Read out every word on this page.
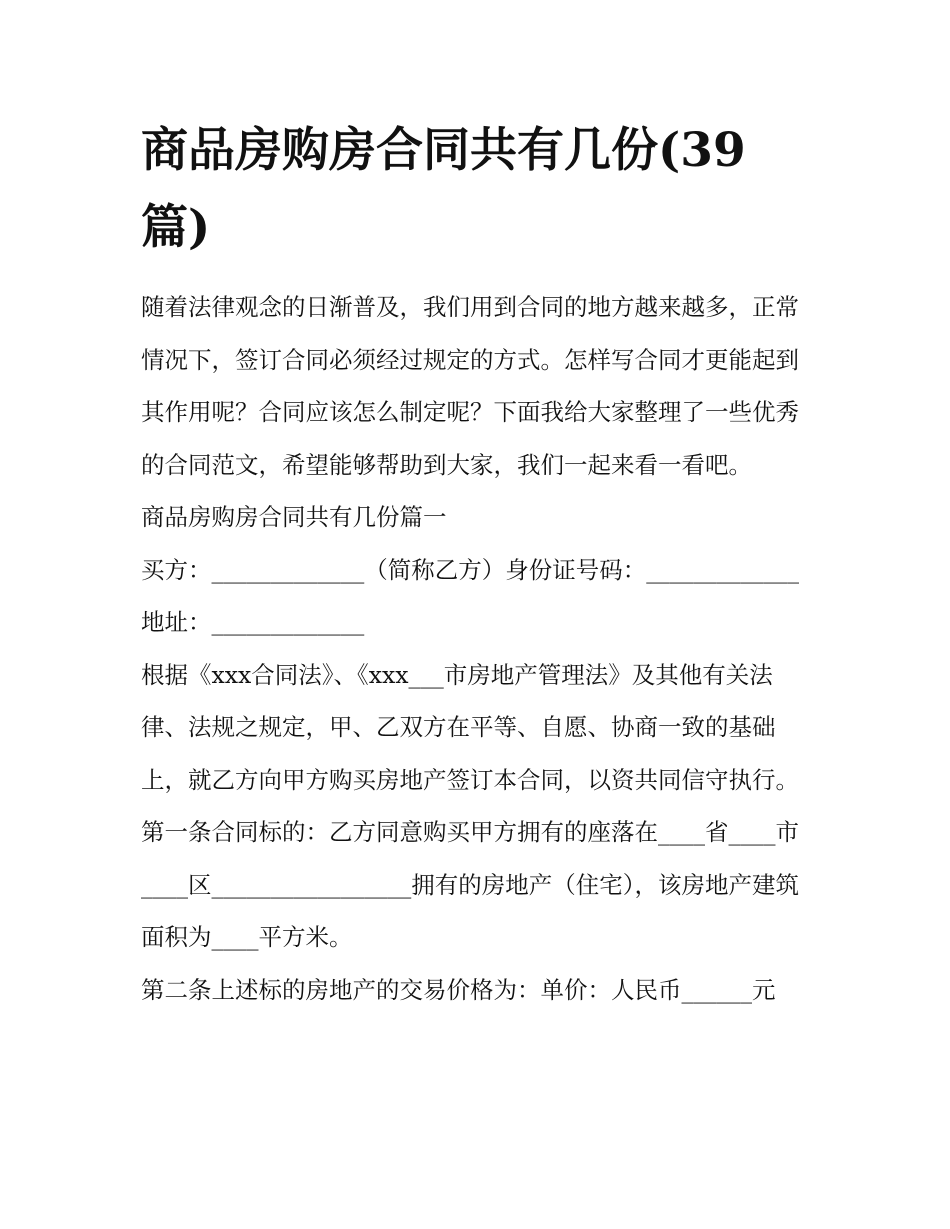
商品房购房合同共有几份(39篇)

随着法律观念的日渐普及，我们用到合同的地方越来越多，正常情况下，签订合同必须经过规定的方式。怎样写合同才更能起到其作用呢？合同应该怎么制定呢？下面我给大家整理了一些优秀的合同范文，希望能够帮助到大家，我们一起来看一看吧。

商品房购房合同共有几份篇一

买方：_____________（简称乙方）身份证号码：_____________地址：_____________

根据《xxx合同法》、《xxx___市房地产管理法》及其他有关法律、法规之规定，甲、乙双方在平等、自愿、协商一致的基础上，就乙方向甲方购买房地产签订本合同，以资共同信守执行。

第一条合同标的：乙方同意购买甲方拥有的座落在____省____市____区_________________拥有的房地产（住宅），该房地产建筑面积为____平方米。

第二条上述标的房地产的交易价格为：单价：人民币______元
